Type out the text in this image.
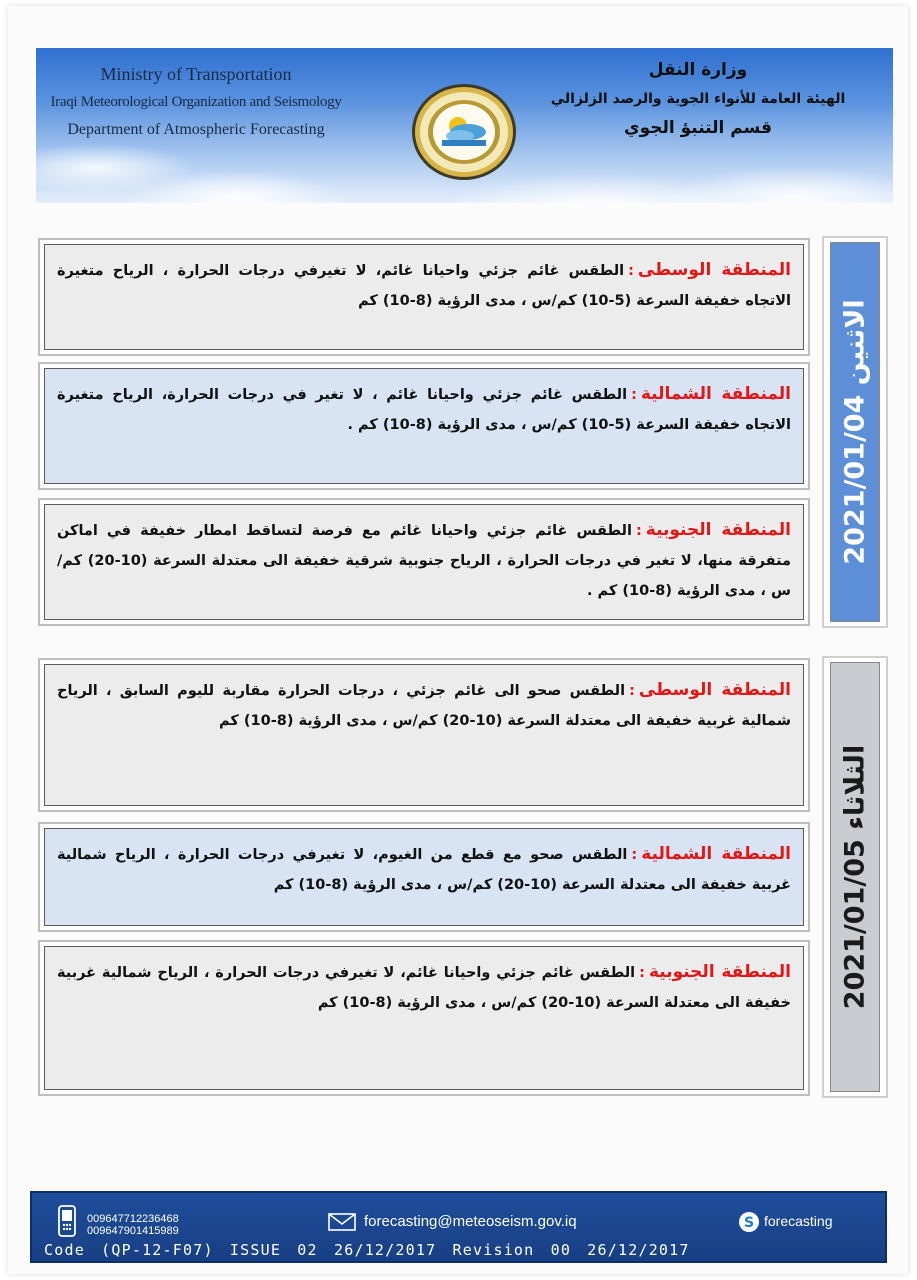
Ministry of Transportation
Iraqi Meteorological Organization and Seismology
Department of Atmospheric Forecasting
وزارة النقل
الهيئة العامة للأنواء الجوية والرصد الزلزالي
قسم التنبؤ الجوي
المنطقة الوسطى:الطقس غائم جزئي واحيانا غائم، لا تغيرفي درجات الحرارة ، الرياح متغيرة الاتجاه خفيفة السرعة (5-10) كم/س ، مدى الرؤية (8-10) كم
المنطقة الشمالية:الطقس غائم جزئي واحيانا غائم ، لا تغير في درجات الحرارة، الرياح متغيرة الاتجاه خفيفة السرعة (5-10) كم/س ، مدى الرؤية (8-10) كم .
المنطقة الجنوبية:الطقس غائم جزئي واحيانا غائم مع فرصة لتساقط امطار خفيفة في اماكن متفرقة منها، لا تغير في درجات الحرارة ، الرياح جنوبية شرقية خفيفة الى معتدلة السرعة (10-20) كم/س ، مدى الرؤية (8-10) كم .
الاثنين 2021/01/04
المنطقة الوسطى:الطقس صحو الى غائم جزئي ، درجات الحرارة مقاربة لليوم السابق ، الرياح شمالية غربية خفيفة الى معتدلة السرعة (10-20) كم/س ، مدى الرؤية (8-10) كم
المنطقة الشمالية:الطقس صحو مع قطع من الغيوم، لا تغيرفي درجات الحرارة ، الرياح شمالية غربية خفيفة الى معتدلة السرعة (10-20) كم/س ، مدى الرؤية (8-10) كم
المنطقة الجنوبية:الطقس غائم جزئي واحيانا غائم، لا تغيرفي درجات الحرارة ، الرياح شمالية غربية خفيفة الى معتدلة السرعة (10-20) كم/س ، مدى الرؤية (8-10) كم
الثلاثاء 2021/01/05
009647712236468
009647901415989
forecasting@meteoseism.gov.iq	S forecasting
Code (QP-12-F07) ISSUE 02 26/12/2017 Revision 00 26/12/2017
